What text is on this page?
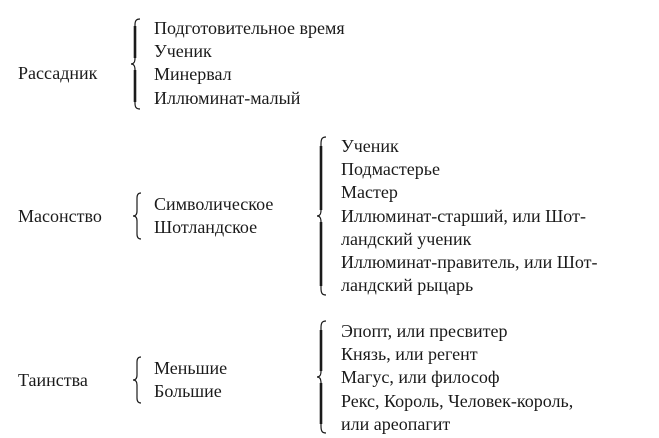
Рассадник
Подготовительное время
Ученик
Минервал
Иллюминат-малый
Масонство
Символическое
Шотландское
Ученик
Подмастерье
Мастер
Иллюминат-старший, или Шот-
ландский ученик
Иллюминат-правитель, или Шот-
ландский рыцарь
Таинства
Меньшие
Большие
Эпопт, или пресвитер
Князь, или регент
Магус, или философ
Рекс, Король, Человек-король,
или ареопагит
